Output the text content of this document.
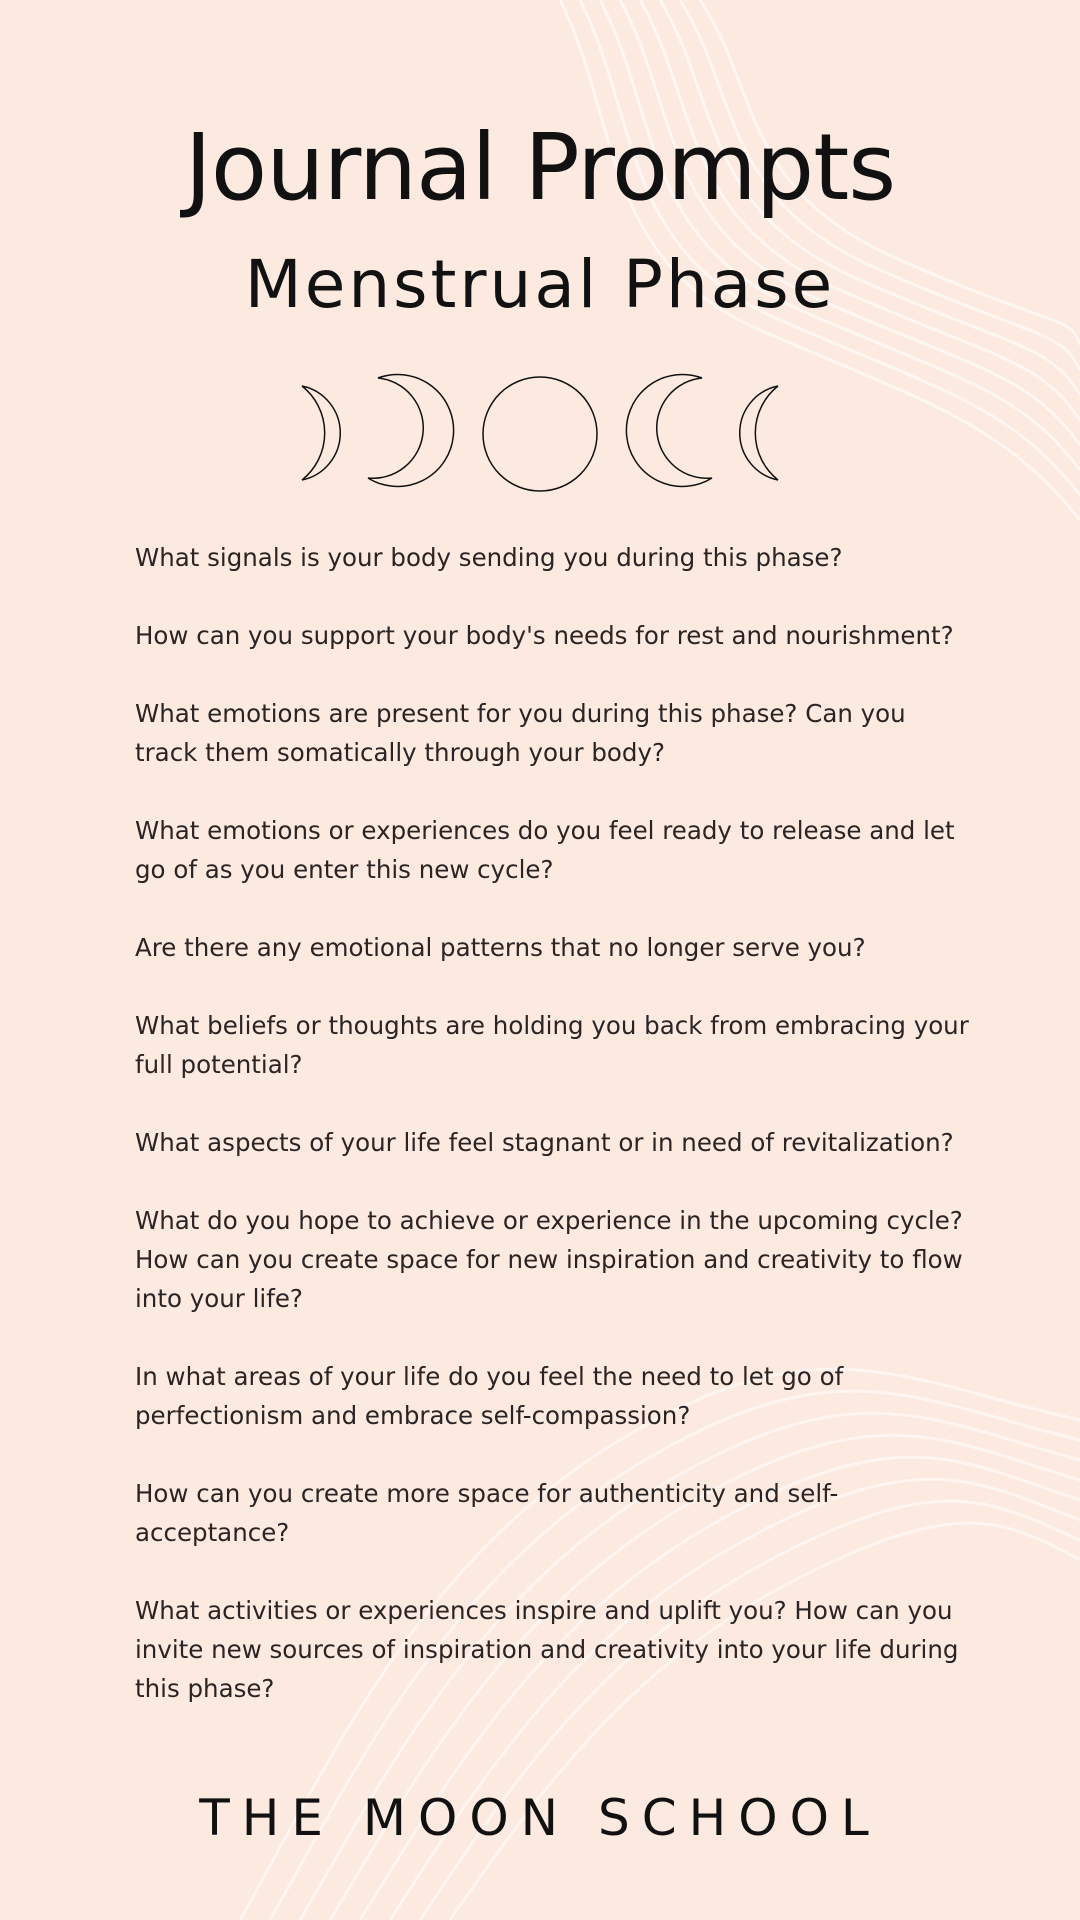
Journal Prompts
Menstrual Phase
What signals is your body sending you during this phase?
How can you support your body's needs for rest and nourishment?
What emotions are present for you during this phase? Can you track them somatically through your body?
What emotions or experiences do you feel ready to release and let go of as you enter this new cycle?
Are there any emotional patterns that no longer serve you?
What beliefs or thoughts are holding you back from embracing your full potential?
What aspects of your life feel stagnant or in need of revitalization?
What do you hope to achieve or experience in the upcoming cycle? How can you create space for new inspiration and creativity to flow into your life?
In what areas of your life do you feel the need to let go of perfectionism and embrace self-compassion?
How can you create more space for authenticity and self-acceptance?
What activities or experiences inspire and uplift you? How can you invite new sources of inspiration and creativity into your life during this phase?
THE MOON SCHOOL
